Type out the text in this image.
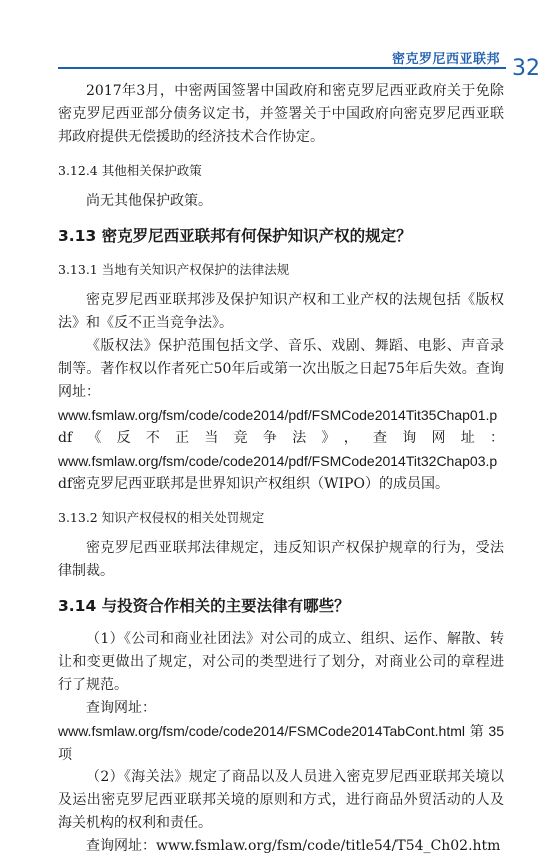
密克罗尼西亚联邦 32

2017年3月，中密两国签署中国政府和密克罗尼西亚政府关于免除密克罗尼西亚部分债务议定书，并签署关于中国政府向密克罗尼西亚联邦政府提供无偿援助的经济技术合作协定。

3.12.4 其他相关保护政策

尚无其他保护政策。

3.13 密克罗尼西亚联邦有何保护知识产权的规定？

3.13.1 当地有关知识产权保护的法律法规

密克罗尼西亚联邦涉及保护知识产权和工业产权的法规包括《版权法》和《反不正当竞争法》。

《版权法》保护范围包括文学、音乐、戏剧、舞蹈、电影、声音录制等。著作权以作者死亡50年后或第一次出版之日起75年后失效。查询网址：

www.fsmlaw.org/fsm/code/code2014/pdf/FSMCode2014Tit35Chap01.p

df《反不正当竞争法》，查询网址：

www.fsmlaw.org/fsm/code/code2014/pdf/FSMCode2014Tit32Chap03.p

df密克罗尼西亚联邦是世界知识产权组织（WIPO）的成员国。

3.13.2 知识产权侵权的相关处罚规定

密克罗尼西亚联邦法律规定，违反知识产权保护规章的行为，受法律制裁。

3.14 与投资合作相关的主要法律有哪些？

（1）《公司和商业社团法》对公司的成立、组织、运作、解散、转让和变更做出了规定，对公司的类型进行了划分，对商业公司的章程进行了规范。

查询网址：

www.fsmlaw.org/fsm/code/code2014/FSMCode2014TabCont.html第35项

（2）《海关法》规定了商品以及人员进入密克罗尼西亚联邦关境以及运出密克罗尼西亚联邦关境的原则和方式，进行商品外贸活动的人及海关机构的权利和责任。

查询网址：www.fsmlaw.org/fsm/code/title54/T54_Ch02.htm
